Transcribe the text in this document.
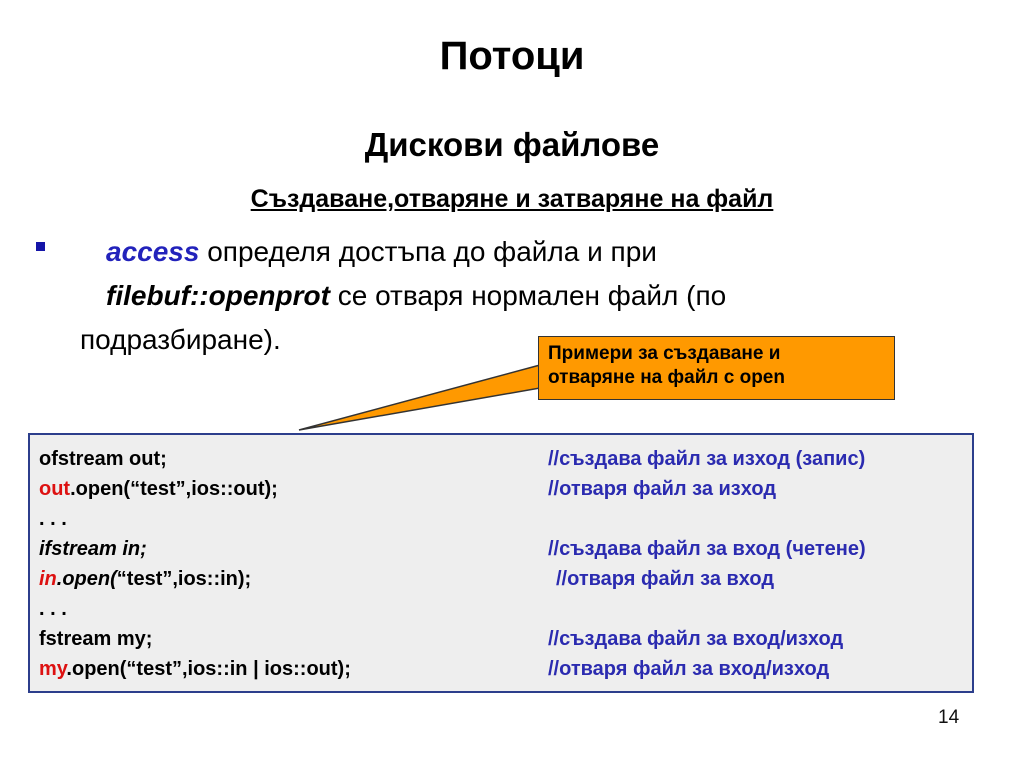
Потоци
Дискови файлове
Създаване,отваряне и затваряне на файл
access определя достъпа до файла и при
filebuf::openprot се отваря нормален файл (по
подразбиране).	Примери за създаване и
отваряне на файл с open
ofstream out;	//създава файл за изход (запис)
out.open(“test”,ios::out);	//отваря файл за изход
. . .
ifstream in;	//създава файл за вход (четене)
in.open(“test”,ios::in);	//отваря файл за вход
. . .
fstream my;	//създава файл за вход/изход
my.open(“test”,ios::in | ios::out);	//отваря файл за вход/изход
14
